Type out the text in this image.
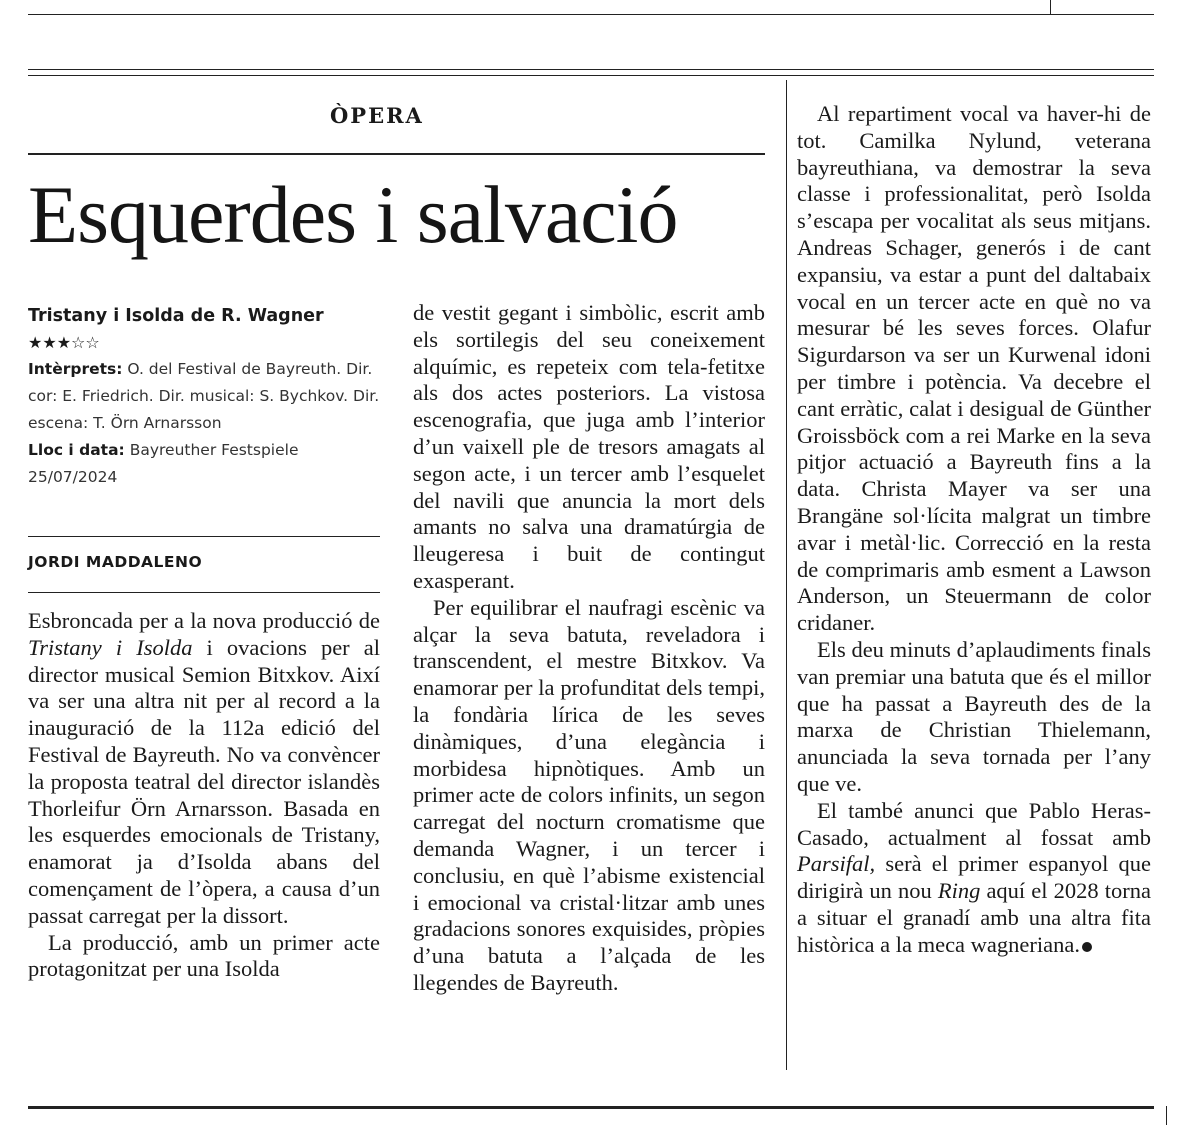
ÒPERA
Esquerdes i salvació
Tristany i Isolda de R. Wagner
★★★☆☆
Intèrprets: O. del Festival de Bayreuth. Dir. cor: E. Friedrich. Dir. musical: S. Bychkov. Dir. escena: T. Örn Arnarsson
Lloc i data: Bayreuther Festspiele 25/07/2024
JORDI MADDALENO

Esbroncada per a la nova producció de Tristany i Isolda i ovacions per al director musical Semion Bitxkov. Així va ser una altra nit per al record a la inauguració de la 112a edició del Festival de Bayreuth. No va convèncer la proposta teatral del director islandès Thorleifur Örn Arnarsson. Basada en les esquerdes emocionals de Tristany, enamorat ja d’Isolda abans del començament de l’òpera, a causa d’un passat carregat per la dissort.

La producció, amb un primer acte protagonitzat per una Isolda

de vestit gegant i simbòlic, escrit amb els sortilegis del seu coneixement alquímic, es repeteix com tela-fetitxe als dos actes posteriors. La vistosa escenografia, que juga amb l’interior d’un vaixell ple de tresors amagats al segon acte, i un tercer amb l’esquelet del navili que anuncia la mort dels amants no salva una dramatúrgia de lleugeresa i buit de contingut exasperant.

Per equilibrar el naufragi escènic va alçar la seva batuta, reveladora i transcendent, el mestre Bitxkov. Va enamorar per la profunditat dels tempi, la fondària lírica de les seves dinàmiques, d’una elegància i morbidesa hipnòtiques. Amb un primer acte de colors infinits, un segon carregat del nocturn cromatisme que demanda Wagner, i un tercer i conclusiu, en què l’abisme existencial i emocional va cristal·litzar amb unes gradacions sonores exquisides, pròpies d’una batuta a l’alçada de les llegendes de Bayreuth.

Al repartiment vocal va haver-hi de tot. Camilka Nylund, veterana bayreuthiana, va demostrar la seva classe i professionalitat, però Isolda s’escapa per vocalitat als seus mitjans. Andreas Schager, generós i de cant expansiu, va estar a punt del daltabaix vocal en un tercer acte en què no va mesurar bé les seves forces. Olafur Sigurdarson va ser un Kurwenal idoni per timbre i potència. Va decebre el cant erràtic, calat i desigual de Günther Groissböck com a rei Marke en la seva pitjor actuació a Bayreuth fins a la data. Christa Mayer va ser una Brangäne sol·lícita malgrat un timbre avar i metàl·lic. Correcció en la resta de comprimaris amb esment a Lawson Anderson, un Steuermann de color cridaner.

Els deu minuts d’aplaudiments finals van premiar una batuta que és el millor que ha passat a Bayreuth des de la marxa de Christian Thielemann, anunciada la seva tornada per l’any que ve.

El també anunci que Pablo Heras-Casado, actualment al fossat amb Parsifal, serà el primer espanyol que dirigirà un nou Ring aquí el 2028 torna a situar el granadí amb una altra fita històrica a la meca wagneriana.
